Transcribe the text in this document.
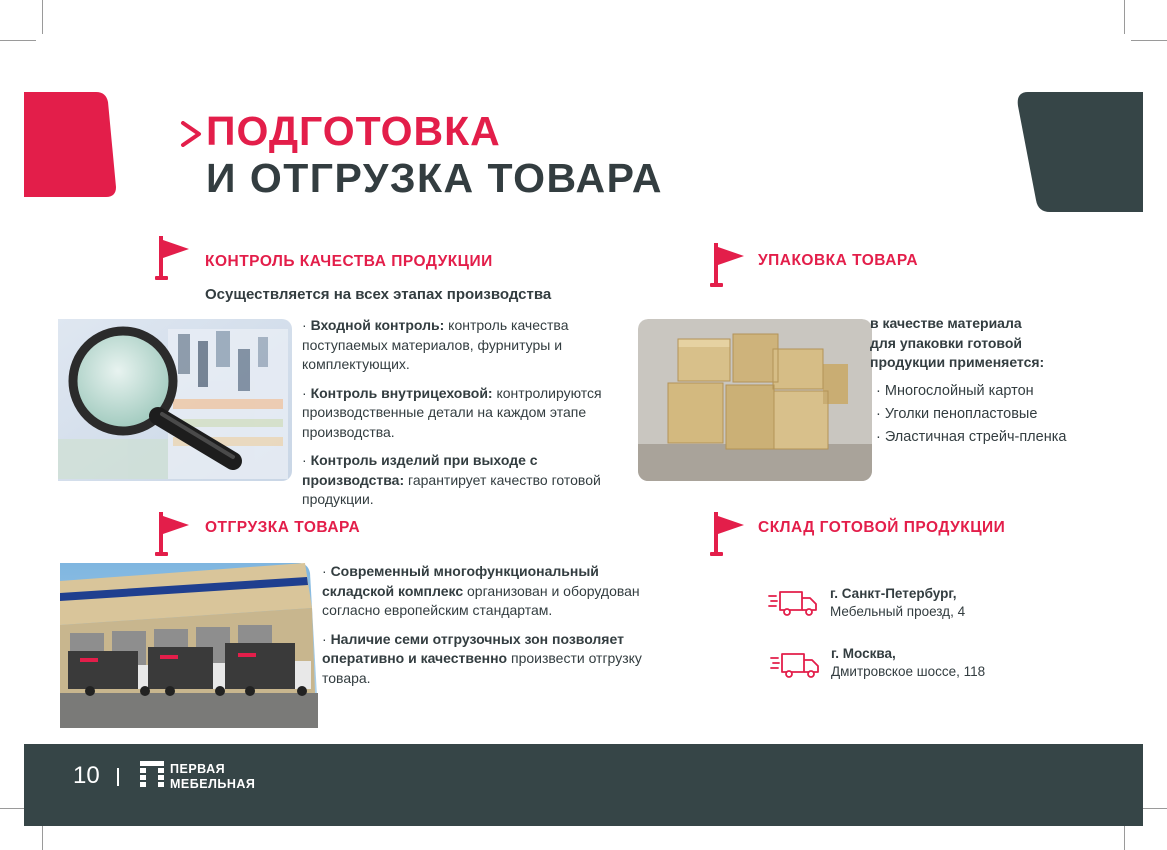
ПОДГОТОВКА
И ОТГРУЗКА ТОВАРА
КОНТРОЛЬ КАЧЕСТВА ПРОДУКЦИИ
Осуществляется на всех этапах производства

· Входной контроль: контроль качества поступаемых материалов, фурнитуры и комплектующих.

· Контроль внутрицеховой: контролируются производственные детали на каждом этапе производства.

· Контроль изделий при выходе с производства: гарантирует качество готовой продукции.

УПАКОВКА ТОВАРА
в качестве материала
для упаковки готовой
продукции применяется:
· Многослойный картон
· Уголки пенопластовые
· Эластичная стрейч-пленка
ОТГРУЗКА ТОВАРА

· Современный многофункциональный складской комплекс организован и оборудован согласно европейским стандартам.

· Наличие семи отгрузочных зон позволяет оперативно и качественно произвести отгрузку товара.

СКЛАД ГОТОВОЙ ПРОДУКЦИИ
г. Санкт-Петербург,
Мебельный проезд, 4
г. Москва,
Дмитровское шоссе, 118
10	ПЕРВАЯ
МЕБЕЛЬНАЯ
